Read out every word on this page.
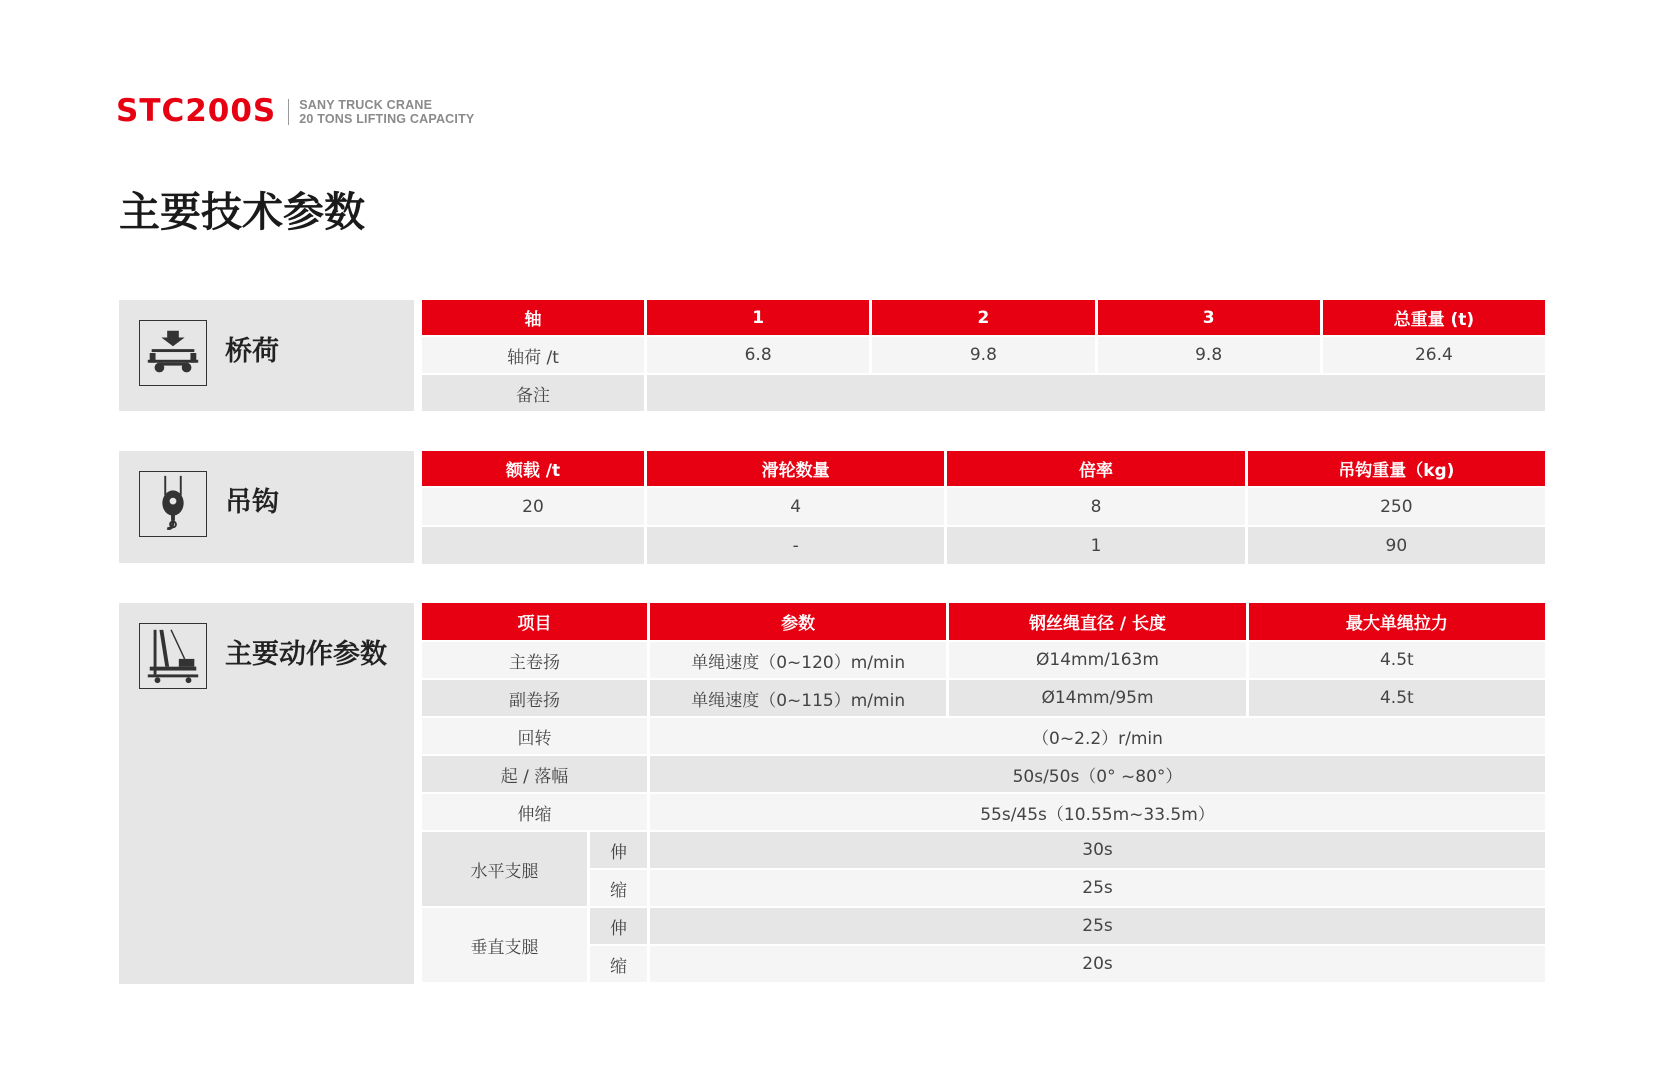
STC200S SANY TRUCK CRANE
20 TONS LIFTING CAPACITY
主要技术参数
桥荷
轴	1	2	3	总重量 (t)
轴荷 /t	6.8	9.8	9.8	26.4
备注				
吊钩
额载 /t	滑轮数量	倍率	吊钩重量（kg)
20	4	8	250
	-	1	90
主要动作参数
项目		参数	钢丝绳直径 / 长度	最大单绳拉力
主卷扬		单绳速度（0~120）m/min	Ø14mm/163m	4.5t
副卷扬		单绳速度（0~115）m/min	Ø14mm/95m	4.5t
回转		（0~2.2）r/min		
起 / 落幅		50s/50s（0° ~80°）		
伸缩		55s/45s（10.55m~33.5m）		
水平支腿	伸	30s		
	缩	25s		
垂直支腿	伸	25s		
	缩	20s		
